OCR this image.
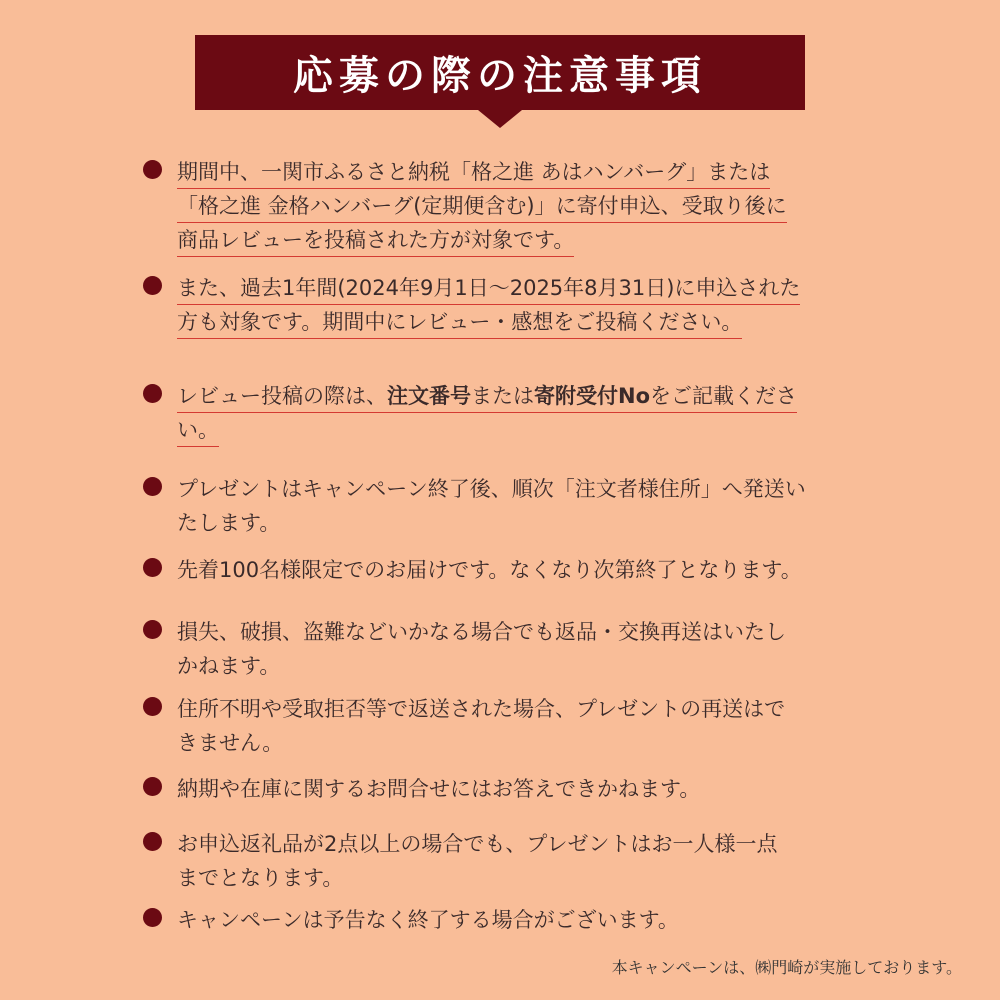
応募の際の注意事項
期間中、一関市ふるさと納税「格之進 あはハンバーグ」または
「格之進 金格ハンバーグ(定期便含む)」に寄付申込、受取り後に
商品レビューを投稿された方が対象です。
また、過去1年間(2024年9月1日～2025年8月31日)に申込された
方も対象です。期間中にレビュー・感想をご投稿ください。
レビュー投稿の際は、注文番号または寄附受付Noをご記載くださ
い。
プレゼントはキャンペーン終了後、順次「注文者様住所」へ発送い
たします。
先着100名様限定でのお届けです。なくなり次第終了となります。
損失、破損、盗難などいかなる場合でも返品・交換再送はいたし
かねます。
住所不明や受取拒否等で返送された場合、プレゼントの再送はで
きません。
納期や在庫に関するお問合せにはお答えできかねます。
お申込返礼品が2点以上の場合でも、プレゼントはお一人様一点
までとなります。
キャンペーンは予告なく終了する場合がございます。
本キャンペーンは、㈱門崎が実施しております。
